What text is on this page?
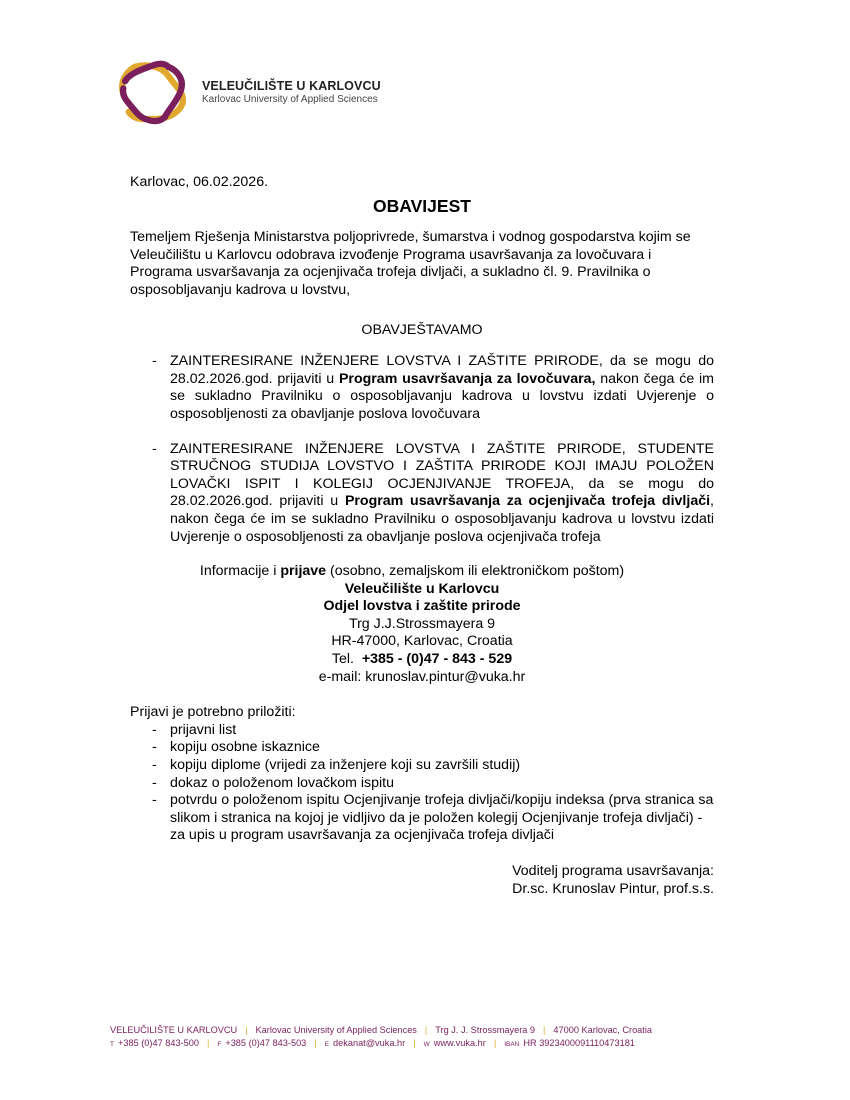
VELEUČILIŠTE U KARLOVCU
Karlovac University of Applied Sciences

Karlovac, 06.02.2026.

OBAVIJEST

Temeljem Rješenja Ministarstva poljoprivrede, šumarstva i vodnog gospodarstva kojim se Veleučilištu u Karlovcu odobrava izvođenje Programa usavršavanja za lovočuvara i Programa usvaršavanja za ocjenjivača trofeja divljači, a sukladno čl. 9. Pravilnika o osposobljavanju kadrova u lovstvu,

OBAVJEŠTAVAMO
- ZAINTERESIRANE INŽENJERE LOVSTVA I ZAŠTITE PRIRODE, da se mogu do 28.02.2026.god. prijaviti u Program usavršavanja za lovočuvara, nakon čega će im se sukladno Pravilniku o osposobljavanju kadrova u lovstvu izdati Uvjerenje o osposobljenosti za obavljanje poslova lovočuvara
- ZAINTERESIRANE INŽENJERE LOVSTVA I ZAŠTITE PRIRODE, STUDENTE STRUČNOG STUDIJA LOVSTVO I ZAŠTITA PRIRODE KOJI IMAJU POLOŽEN LOVAČKI ISPIT I KOLEGIJ OCJENJIVANJE TROFEJA, da se mogu do 28.02.2026.god. prijaviti u Program usavršavanja za ocjenjivača trofeja divljači, nakon čega će im se sukladno Pravilniku o osposobljavanju kadrova u lovstvu izdati Uvjerenje o osposobljenosti za obavljanje poslova ocjenjivača trofeja
Informacije i prijave (osobno, zemaljskom ili elektroničkom poštom)
Veleučilište u Karlovcu
Odjel lovstva i zaštite prirode
Trg J.J.Strossmayera 9
HR-47000, Karlovac, Croatia
Tel.  +385 - (0)47 - 843 - 529
e-mail: krunoslav.pintur@vuka.hr
Prijavi je potrebno priložiti:
- prijavni list
- kopiju osobne iskaznice
- kopiju diplome (vrijedi za inženjere koji su završili studij)
- dokaz o položenom lovačkom ispitu
- potvrdu o položenom ispitu Ocjenjivanje trofeja divljači/kopiju indeksa (prva stranica sa slikom i stranica na kojoj je vidljivo da je položen kolegij Ocjenjivanje trofeja divljači) - za upis u program usavršavanja za ocjenjivača trofeja divljači
Voditelj programa usavršavanja:
Dr.sc. Krunoslav Pintur, prof.s.s.
VELEUČILIŠTE U KARLOVCU | Karlovac University of Applied Sciences | Trg J. J. Strossmayera 9 | 47000 Karlovac, Croatia
T +385 (0)47 843-500 | F +385 (0)47 843-503 | E dekanat@vuka.hr | W www.vuka.hr | IBAN HR 3923400091110473181
